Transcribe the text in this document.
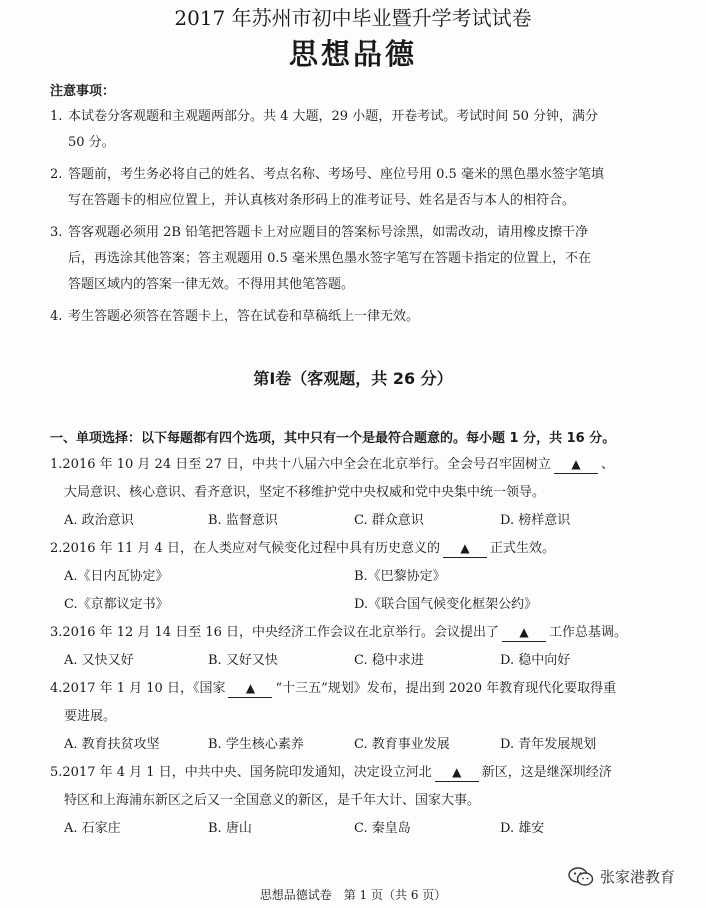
2017 年苏州市初中毕业暨升学考试试卷
思想品德
注意事项：
1. 本试卷分客观题和主观题两部分。共 4 大题，29 小题，开卷考试。考试时间 50 分钟，满分
50 分。
2. 答题前，考生务必将自己的姓名、考点名称、考场号、座位号用 0.5 毫米的黑色墨水签字笔填
写在答题卡的相应位置上，并认真核对条形码上的准考证号、姓名是否与本人的相符合。
3. 答客观题必须用 2B 铅笔把答题卡上对应题目的答案标号涂黑，如需改动，请用橡皮擦干净
后，再选涂其他答案；答主观题用 0.5 毫米黑色墨水签字笔写在答题卡指定的位置上，不在
答题区域内的答案一律无效。不得用其他笔答题。
4. 考生答题必须答在答题卡上，答在试卷和草稿纸上一律无效。
第Ⅰ卷（客观题，共 26 分）
一、单项选择：以下每题都有四个选项，其中只有一个是最符合题意的。每小题 1 分，共 16 分。
1.2016 年 10 月 24 日至 27 日，中共十八届六中全会在北京举行。全会号召牢固树立 ▲ 、
大局意识、核心意识、看齐意识，坚定不移维护党中央权威和党中央集中统一领导。
A. 政治意识	B. 监督意识	C. 群众意识	D. 榜样意识
2.2016 年 11 月 4 日，在人类应对气候变化过程中具有历史意义的 ▲ 正式生效。
A.《日内瓦协定》	B.《巴黎协定》
C.《京都议定书》	D.《联合国气候变化框架公约》
3.2016 年 12 月 14 日至 16 日，中央经济工作会议在北京举行。会议提出了 ▲ 工作总基调。
A. 又快又好	B. 又好又快	C. 稳中求进	D. 稳中向好
4.2017 年 1 月 10 日，《国家 ▲ “十三五”规划》发布，提出到 2020 年教育现代化要取得重
要进展。
A. 教育扶贫攻坚	B. 学生核心素养	C. 教育事业发展	D. 青年发展规划
5.2017 年 4 月 1 日，中共中央、国务院印发通知，决定设立河北 ▲ 新区，这是继深圳经济
特区和上海浦东新区之后又一全国意义的新区，是千年大计、国家大事。
A. 石家庄	B. 唐山	C. 秦皇岛	D. 雄安
思想品德试卷　第 1 页（共 6 页）
张家港教育
